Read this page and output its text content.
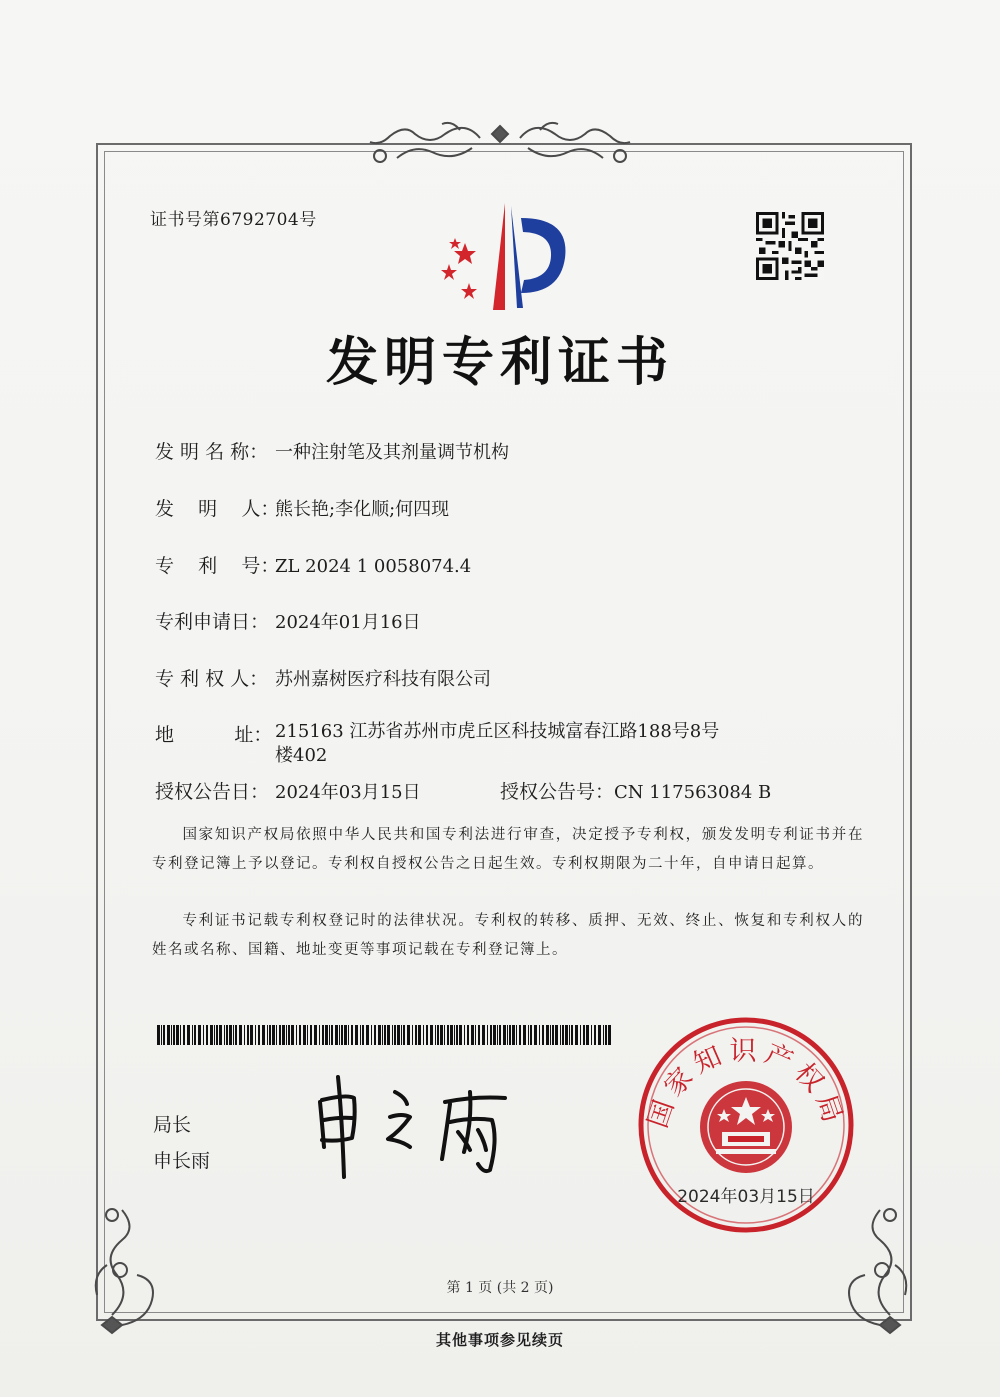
证书号第6792704号
发明专利证书
发 明 名 称： 一种注射笔及其剂量调节机构
发    明    人：熊长艳;李化顺;何四现
专    利    号：ZL 2024 1 0058074.4
专利申请日： 2024年01月16日
专 利 权 人： 苏州嘉树医疗科技有限公司
地          址： 215163 江苏省苏州市虎丘区科技城富春江路188号8号楼402
授权公告日： 2024年03月15日	授权公告号：CN 117563084 B
国家知识产权局依照中华人民共和国专利法进行审查，决定授予专利权，颁发发明专利证书并在专利登记簿上予以登记。专利权自授权公告之日起生效。专利权期限为二十年，自申请日起算。
专利证书记载专利权登记时的法律状况。专利权的转移、质押、无效、终止、恢复和专利权人的姓名或名称、国籍、地址变更等事项记载在专利登记簿上。
局长
申长雨
国家知识产权局
2024年03月15日
第 1 页 (共 2 页)
其他事项参见续页
